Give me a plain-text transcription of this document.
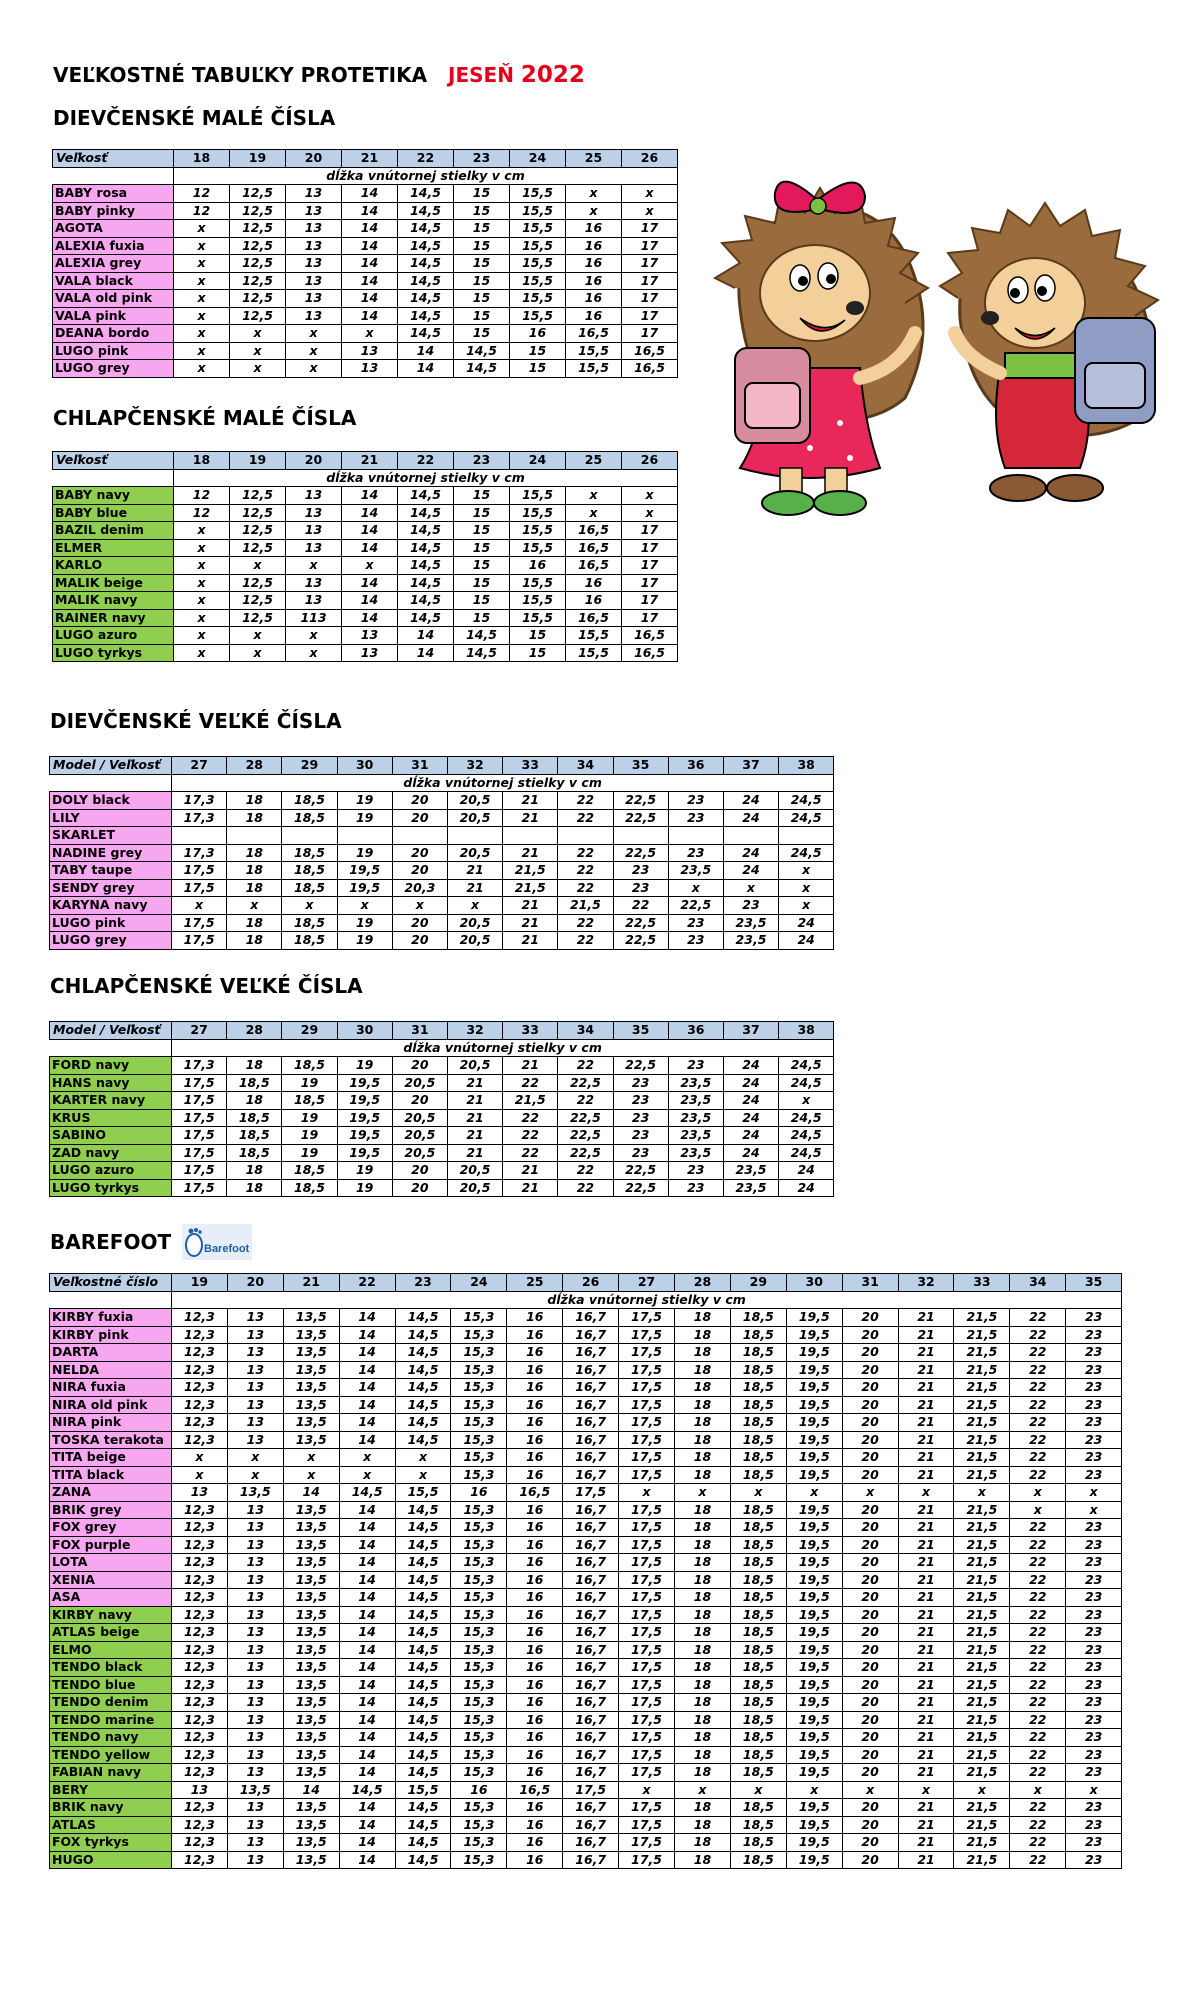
VEĽKOSTNÉ TABUĽKY PROTETIKA JESEŇ 2022
DIEVČENSKÉ MALÉ ČÍSLA
CHLAPČENSKÉ MALÉ ČÍSLA
DIEVČENSKÉ VEĽKÉ ČÍSLA
CHLAPČENSKÉ VEĽKÉ ČÍSLA
BAREFOOT	Barefoot
Veľkosť	18	19	20	21	22	23	24	25	26
	dĺžka vnútornej stielky v cm								
BABY rosa	12	12,5	13	14	14,5	15	15,5	x	x
BABY pinky	12	12,5	13	14	14,5	15	15,5	x	x
AGOTA	x	12,5	13	14	14,5	15	15,5	16	17
ALEXIA fuxia	x	12,5	13	14	14,5	15	15,5	16	17
ALEXIA grey	x	12,5	13	14	14,5	15	15,5	16	17
VALA black	x	12,5	13	14	14,5	15	15,5	16	17
VALA old pink	x	12,5	13	14	14,5	15	15,5	16	17
VALA pink	x	12,5	13	14	14,5	15	15,5	16	17
DEANA bordo	x	x	x	x	14,5	15	16	16,5	17
LUGO pink	x	x	x	13	14	14,5	15	15,5	16,5
LUGO grey	x	x	x	13	14	14,5	15	15,5	16,5
Veľkosť	18	19	20	21	22	23	24	25	26
	dĺžka vnútornej stielky v cm								
BABY navy	12	12,5	13	14	14,5	15	15,5	x	x
BABY blue	12	12,5	13	14	14,5	15	15,5	x	x
BAZIL denim	x	12,5	13	14	14,5	15	15,5	16,5	17
ELMER	x	12,5	13	14	14,5	15	15,5	16,5	17
KARLO	x	x	x	x	14,5	15	16	16,5	17
MALIK beige	x	12,5	13	14	14,5	15	15,5	16	17
MALIK navy	x	12,5	13	14	14,5	15	15,5	16	17
RAINER navy	x	12,5	113	14	14,5	15	15,5	16,5	17
LUGO azuro	x	x	x	13	14	14,5	15	15,5	16,5
LUGO tyrkys	x	x	x	13	14	14,5	15	15,5	16,5
Model / Veľkosť	27	28	29	30	31	32	33	34	35	36	37	38
	dĺžka vnútornej stielky v cm											
DOLY black	17,3	18	18,5	19	20	20,5	21	22	22,5	23	24	24,5
LILY	17,3	18	18,5	19	20	20,5	21	22	22,5	23	24	24,5
SKARLET												
NADINE grey	17,3	18	18,5	19	20	20,5	21	22	22,5	23	24	24,5
TABY taupe	17,5	18	18,5	19,5	20	21	21,5	22	23	23,5	24	x
SENDY grey	17,5	18	18,5	19,5	20,3	21	21,5	22	23	x	x	x
KARYNA navy	x	x	x	x	x	x	21	21,5	22	22,5	23	x
LUGO pink	17,5	18	18,5	19	20	20,5	21	22	22,5	23	23,5	24
LUGO grey	17,5	18	18,5	19	20	20,5	21	22	22,5	23	23,5	24
Model / Veľkosť	27	28	29	30	31	32	33	34	35	36	37	38
	dĺžka vnútornej stielky v cm											
FORD navy	17,3	18	18,5	19	20	20,5	21	22	22,5	23	24	24,5
HANS navy	17,5	18,5	19	19,5	20,5	21	22	22,5	23	23,5	24	24,5
KARTER navy	17,5	18	18,5	19,5	20	21	21,5	22	23	23,5	24	x
KRUS	17,5	18,5	19	19,5	20,5	21	22	22,5	23	23,5	24	24,5
SABINO	17,5	18,5	19	19,5	20,5	21	22	22,5	23	23,5	24	24,5
ZAD navy	17,5	18,5	19	19,5	20,5	21	22	22,5	23	23,5	24	24,5
LUGO azuro	17,5	18	18,5	19	20	20,5	21	22	22,5	23	23,5	24
LUGO tyrkys	17,5	18	18,5	19	20	20,5	21	22	22,5	23	23,5	24
Veľkostné číslo	19	20	21	22	23	24	25	26	27	28	29	30	31	32	33	34	35
	dĺžka vnútornej stielky v cm																
KIRBY fuxia	12,3	13	13,5	14	14,5	15,3	16	16,7	17,5	18	18,5	19,5	20	21	21,5	22	23
KIRBY pink	12,3	13	13,5	14	14,5	15,3	16	16,7	17,5	18	18,5	19,5	20	21	21,5	22	23
DARTA	12,3	13	13,5	14	14,5	15,3	16	16,7	17,5	18	18,5	19,5	20	21	21,5	22	23
NELDA	12,3	13	13,5	14	14,5	15,3	16	16,7	17,5	18	18,5	19,5	20	21	21,5	22	23
NIRA fuxia	12,3	13	13,5	14	14,5	15,3	16	16,7	17,5	18	18,5	19,5	20	21	21,5	22	23
NIRA old pink	12,3	13	13,5	14	14,5	15,3	16	16,7	17,5	18	18,5	19,5	20	21	21,5	22	23
NIRA pink	12,3	13	13,5	14	14,5	15,3	16	16,7	17,5	18	18,5	19,5	20	21	21,5	22	23
TOSKA terakota	12,3	13	13,5	14	14,5	15,3	16	16,7	17,5	18	18,5	19,5	20	21	21,5	22	23
TITA beige	x	x	x	x	x	15,3	16	16,7	17,5	18	18,5	19,5	20	21	21,5	22	23
TITA black	x	x	x	x	x	15,3	16	16,7	17,5	18	18,5	19,5	20	21	21,5	22	23
ZANA	13	13,5	14	14,5	15,5	16	16,5	17,5	x	x	x	x	x	x	x	x	x
BRIK grey	12,3	13	13,5	14	14,5	15,3	16	16,7	17,5	18	18,5	19,5	20	21	21,5	x	x
FOX grey	12,3	13	13,5	14	14,5	15,3	16	16,7	17,5	18	18,5	19,5	20	21	21,5	22	23
FOX purple	12,3	13	13,5	14	14,5	15,3	16	16,7	17,5	18	18,5	19,5	20	21	21,5	22	23
LOTA	12,3	13	13,5	14	14,5	15,3	16	16,7	17,5	18	18,5	19,5	20	21	21,5	22	23
XENIA	12,3	13	13,5	14	14,5	15,3	16	16,7	17,5	18	18,5	19,5	20	21	21,5	22	23
ASA	12,3	13	13,5	14	14,5	15,3	16	16,7	17,5	18	18,5	19,5	20	21	21,5	22	23
KIRBY navy	12,3	13	13,5	14	14,5	15,3	16	16,7	17,5	18	18,5	19,5	20	21	21,5	22	23
ATLAS beige	12,3	13	13,5	14	14,5	15,3	16	16,7	17,5	18	18,5	19,5	20	21	21,5	22	23
ELMO	12,3	13	13,5	14	14,5	15,3	16	16,7	17,5	18	18,5	19,5	20	21	21,5	22	23
TENDO black	12,3	13	13,5	14	14,5	15,3	16	16,7	17,5	18	18,5	19,5	20	21	21,5	22	23
TENDO blue	12,3	13	13,5	14	14,5	15,3	16	16,7	17,5	18	18,5	19,5	20	21	21,5	22	23
TENDO denim	12,3	13	13,5	14	14,5	15,3	16	16,7	17,5	18	18,5	19,5	20	21	21,5	22	23
TENDO marine	12,3	13	13,5	14	14,5	15,3	16	16,7	17,5	18	18,5	19,5	20	21	21,5	22	23
TENDO navy	12,3	13	13,5	14	14,5	15,3	16	16,7	17,5	18	18,5	19,5	20	21	21,5	22	23
TENDO yellow	12,3	13	13,5	14	14,5	15,3	16	16,7	17,5	18	18,5	19,5	20	21	21,5	22	23
FABIAN navy	12,3	13	13,5	14	14,5	15,3	16	16,7	17,5	18	18,5	19,5	20	21	21,5	22	23
BERY	13	13,5	14	14,5	15,5	16	16,5	17,5	x	x	x	x	x	x	x	x	x
BRIK navy	12,3	13	13,5	14	14,5	15,3	16	16,7	17,5	18	18,5	19,5	20	21	21,5	22	23
ATLAS	12,3	13	13,5	14	14,5	15,3	16	16,7	17,5	18	18,5	19,5	20	21	21,5	22	23
FOX tyrkys	12,3	13	13,5	14	14,5	15,3	16	16,7	17,5	18	18,5	19,5	20	21	21,5	22	23
HUGO	12,3	13	13,5	14	14,5	15,3	16	16,7	17,5	18	18,5	19,5	20	21	21,5	22	23
